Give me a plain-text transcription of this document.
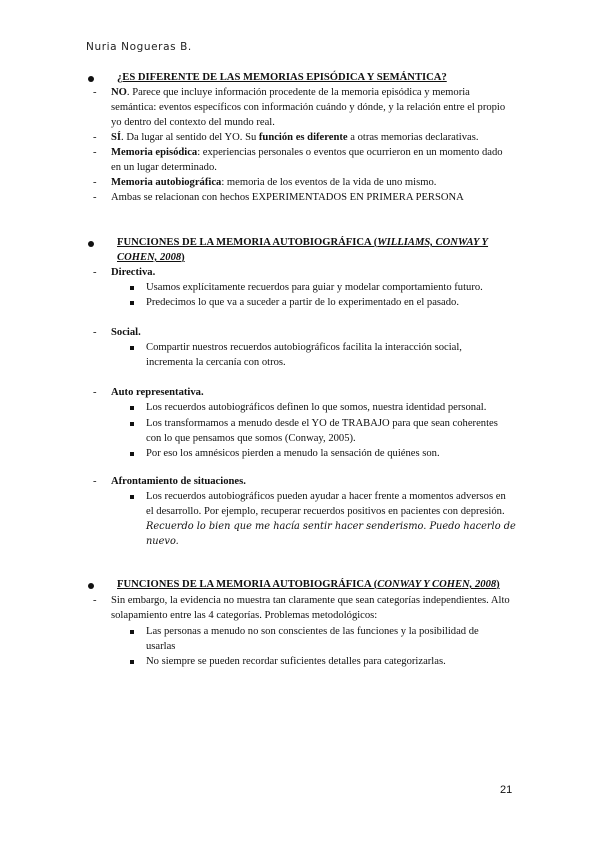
Nuria Nogueras B.
¿ES DIFERENTE DE LAS MEMORIAS EPISÓDICA Y SEMÁNTICA?
- NO. Parece que incluye información procedente de la memoria episódica y memoria semántica: eventos específicos con información cuándo y dónde, y la relación entre el propio yo dentro del contexto del mundo real.
- SÍ. Da lugar al sentido del YO. Su función es diferente a otras memorias declarativas.
- Memoria episódica: experiencias personales o eventos que ocurrieron en un momento dado en un lugar determinado.
- Memoria autobiográfica: memoria de los eventos de la vida de uno mismo.
- Ambas se relacionan con hechos EXPERIMENTADOS EN PRIMERA PERSONA
FUNCIONES DE LA MEMORIA AUTOBIOGRÁFICA (WILLIAMS, CONWAY Y COHEN, 2008)
- Directiva.
Usamos explícitamente recuerdos para guiar y modelar comportamiento futuro.
Predecimos lo que va a suceder a partir de lo experimentado en el pasado.
- Social.
Compartir nuestros recuerdos autobiográficos facilita la interacción social, incrementa la cercanía con otros.
- Auto representativa.
Los recuerdos autobiográficos definen lo que somos, nuestra identidad personal.
Los transformamos a menudo desde el YO de TRABAJO para que sean coherentes con lo que pensamos que somos (Conway, 2005).
Por eso los amnésicos pierden a menudo la sensación de quiénes son.
- Afrontamiento de situaciones.
Los recuerdos autobiográficos pueden ayudar a hacer frente a momentos adversos en el desarrollo. Por ejemplo, recuperar recuerdos positivos en pacientes con depresión. Recuerdo lo bien que me hacía sentir hacer senderismo. Puedo hacerlo de nuevo.
FUNCIONES DE LA MEMORIA AUTOBIOGRÁFICA (CONWAY Y COHEN, 2008)
- Sin embargo, la evidencia no muestra tan claramente que sean categorías independientes. Alto solapamiento entre las 4 categorías. Problemas metodológicos:
Las personas a menudo no son conscientes de las funciones y la posibilidad de usarlas
No siempre se pueden recordar suficientes detalles para categorizarlas.
21
